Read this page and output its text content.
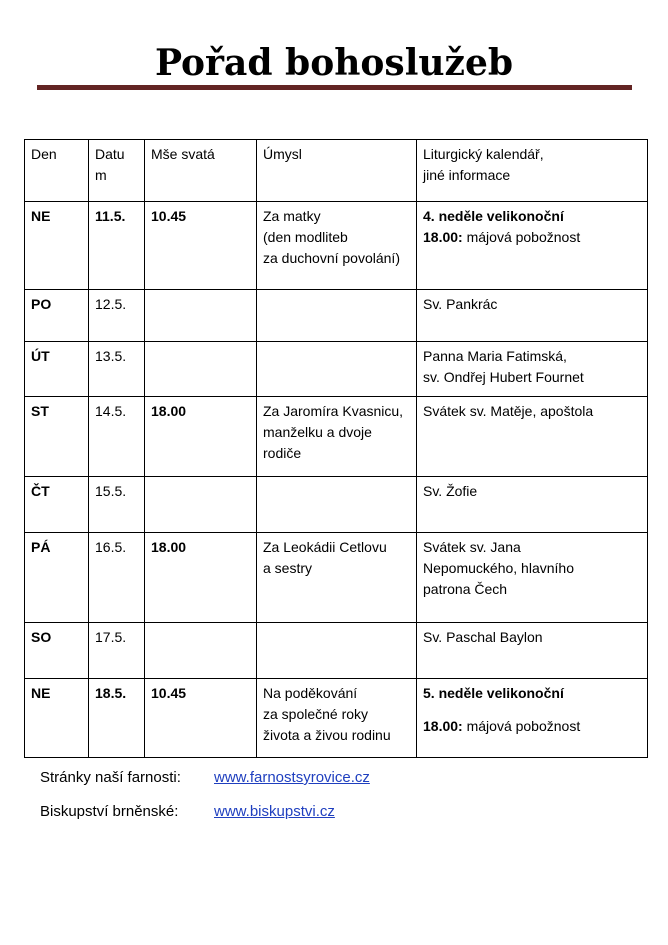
Pořad bohoslužeb
Den	Datu
m	Mše svatá	Úmysl	Liturgický kalendář,
jiné informace

NE	11.5.	10.45	Za matky
(den modliteb
za duchovní povolání)	4. neděle velikonoční
18.00: májová pobožnost

PO	12.5.			Sv. Pankrác

ÚT	13.5.			Panna Maria Fatimská,
sv. Ondřej Hubert Fournet

ST	14.5.	18.00	Za Jaromíra Kvasnicu,
manželku a dvoje
rodiče	Svátek sv. Matěje, apoštola

ČT	15.5.			Sv. Žofie

PÁ	16.5.	18.00	Za Leokádii Cetlovu
a sestry	Svátek sv. Jana
Nepomuckého, hlavního
patrona Čech

SO	17.5.			Sv. Paschal Baylon

NE	18.5.	10.45	Na poděkování
za společné roky
života a živou rodinu	5. neděle velikonoční
18.00: májová pobožnost
Stránky naší farnosti: www.farnostsyrovice.cz
Biskupství brněnské: www.biskupstvi.cz
